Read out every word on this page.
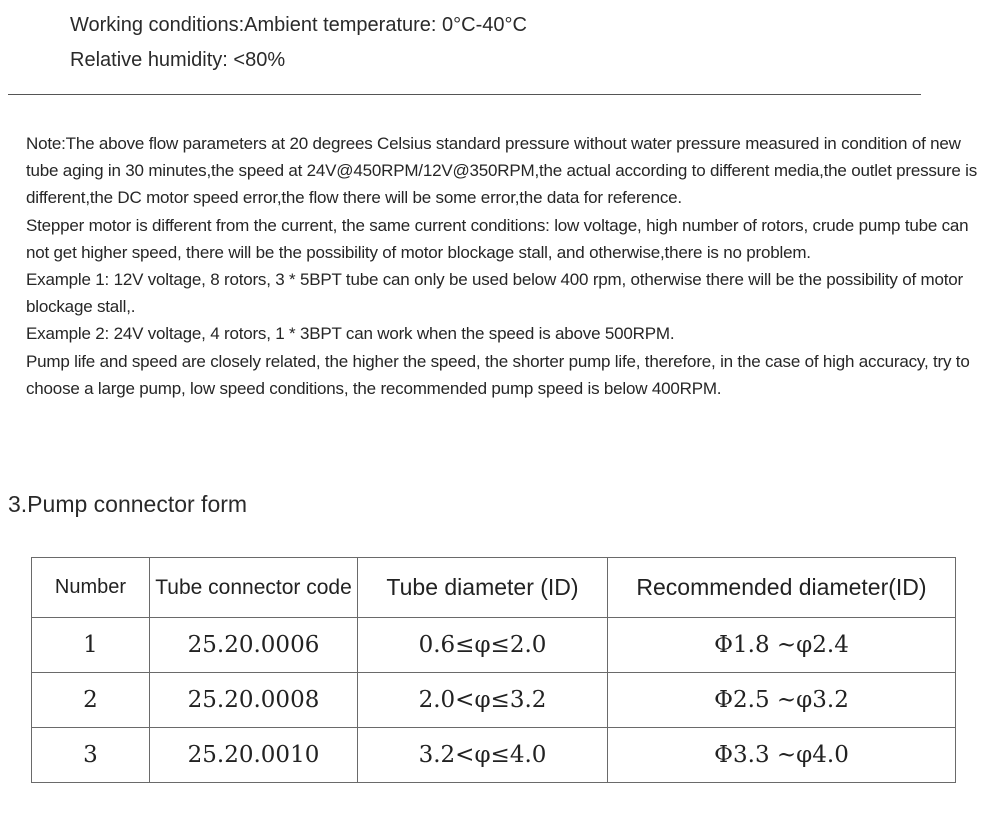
Working conditions:Ambient temperature: 0°C-40°C
Relative humidity: <80%

Note:The above flow parameters at 20 degrees Celsius standard pressure without water pressure measured in condition of new tube aging in 30 minutes,the speed at 24V@450RPM/12V@350RPM,the actual according to different media,the outlet pressure is different,the DC motor speed error,the flow there will be some error,the data for reference.

Stepper motor is different from the current, the same current conditions: low voltage, high number of rotors, crude pump tube can not get higher speed, there will be the possibility of motor blockage stall, and otherwise,there is no problem.

Example 1: 12V voltage, 8 rotors, 3 * 5BPT tube can only be used below 400 rpm, otherwise there will be the possibility of motor blockage stall,.

Example 2: 24V voltage, 4 rotors, 1 * 3BPT can work when the speed is above 500RPM.

Pump life and speed are closely related, the higher the speed, the shorter pump life, therefore, in the case of high accuracy, try to choose a large pump, low speed conditions, the recommended pump speed is below 400RPM.

3.Pump connector form
Number	Tube connector code	Tube diameter (ID)	Recommended diameter(ID)
1	25.20.0006	0.6≤φ≤2.0	Φ1.8 ~φ2.4
2	25.20.0008	2.0<φ≤3.2	Φ2.5 ~φ3.2
3	25.20.0010	3.2<φ≤4.0	Φ3.3 ~φ4.0
